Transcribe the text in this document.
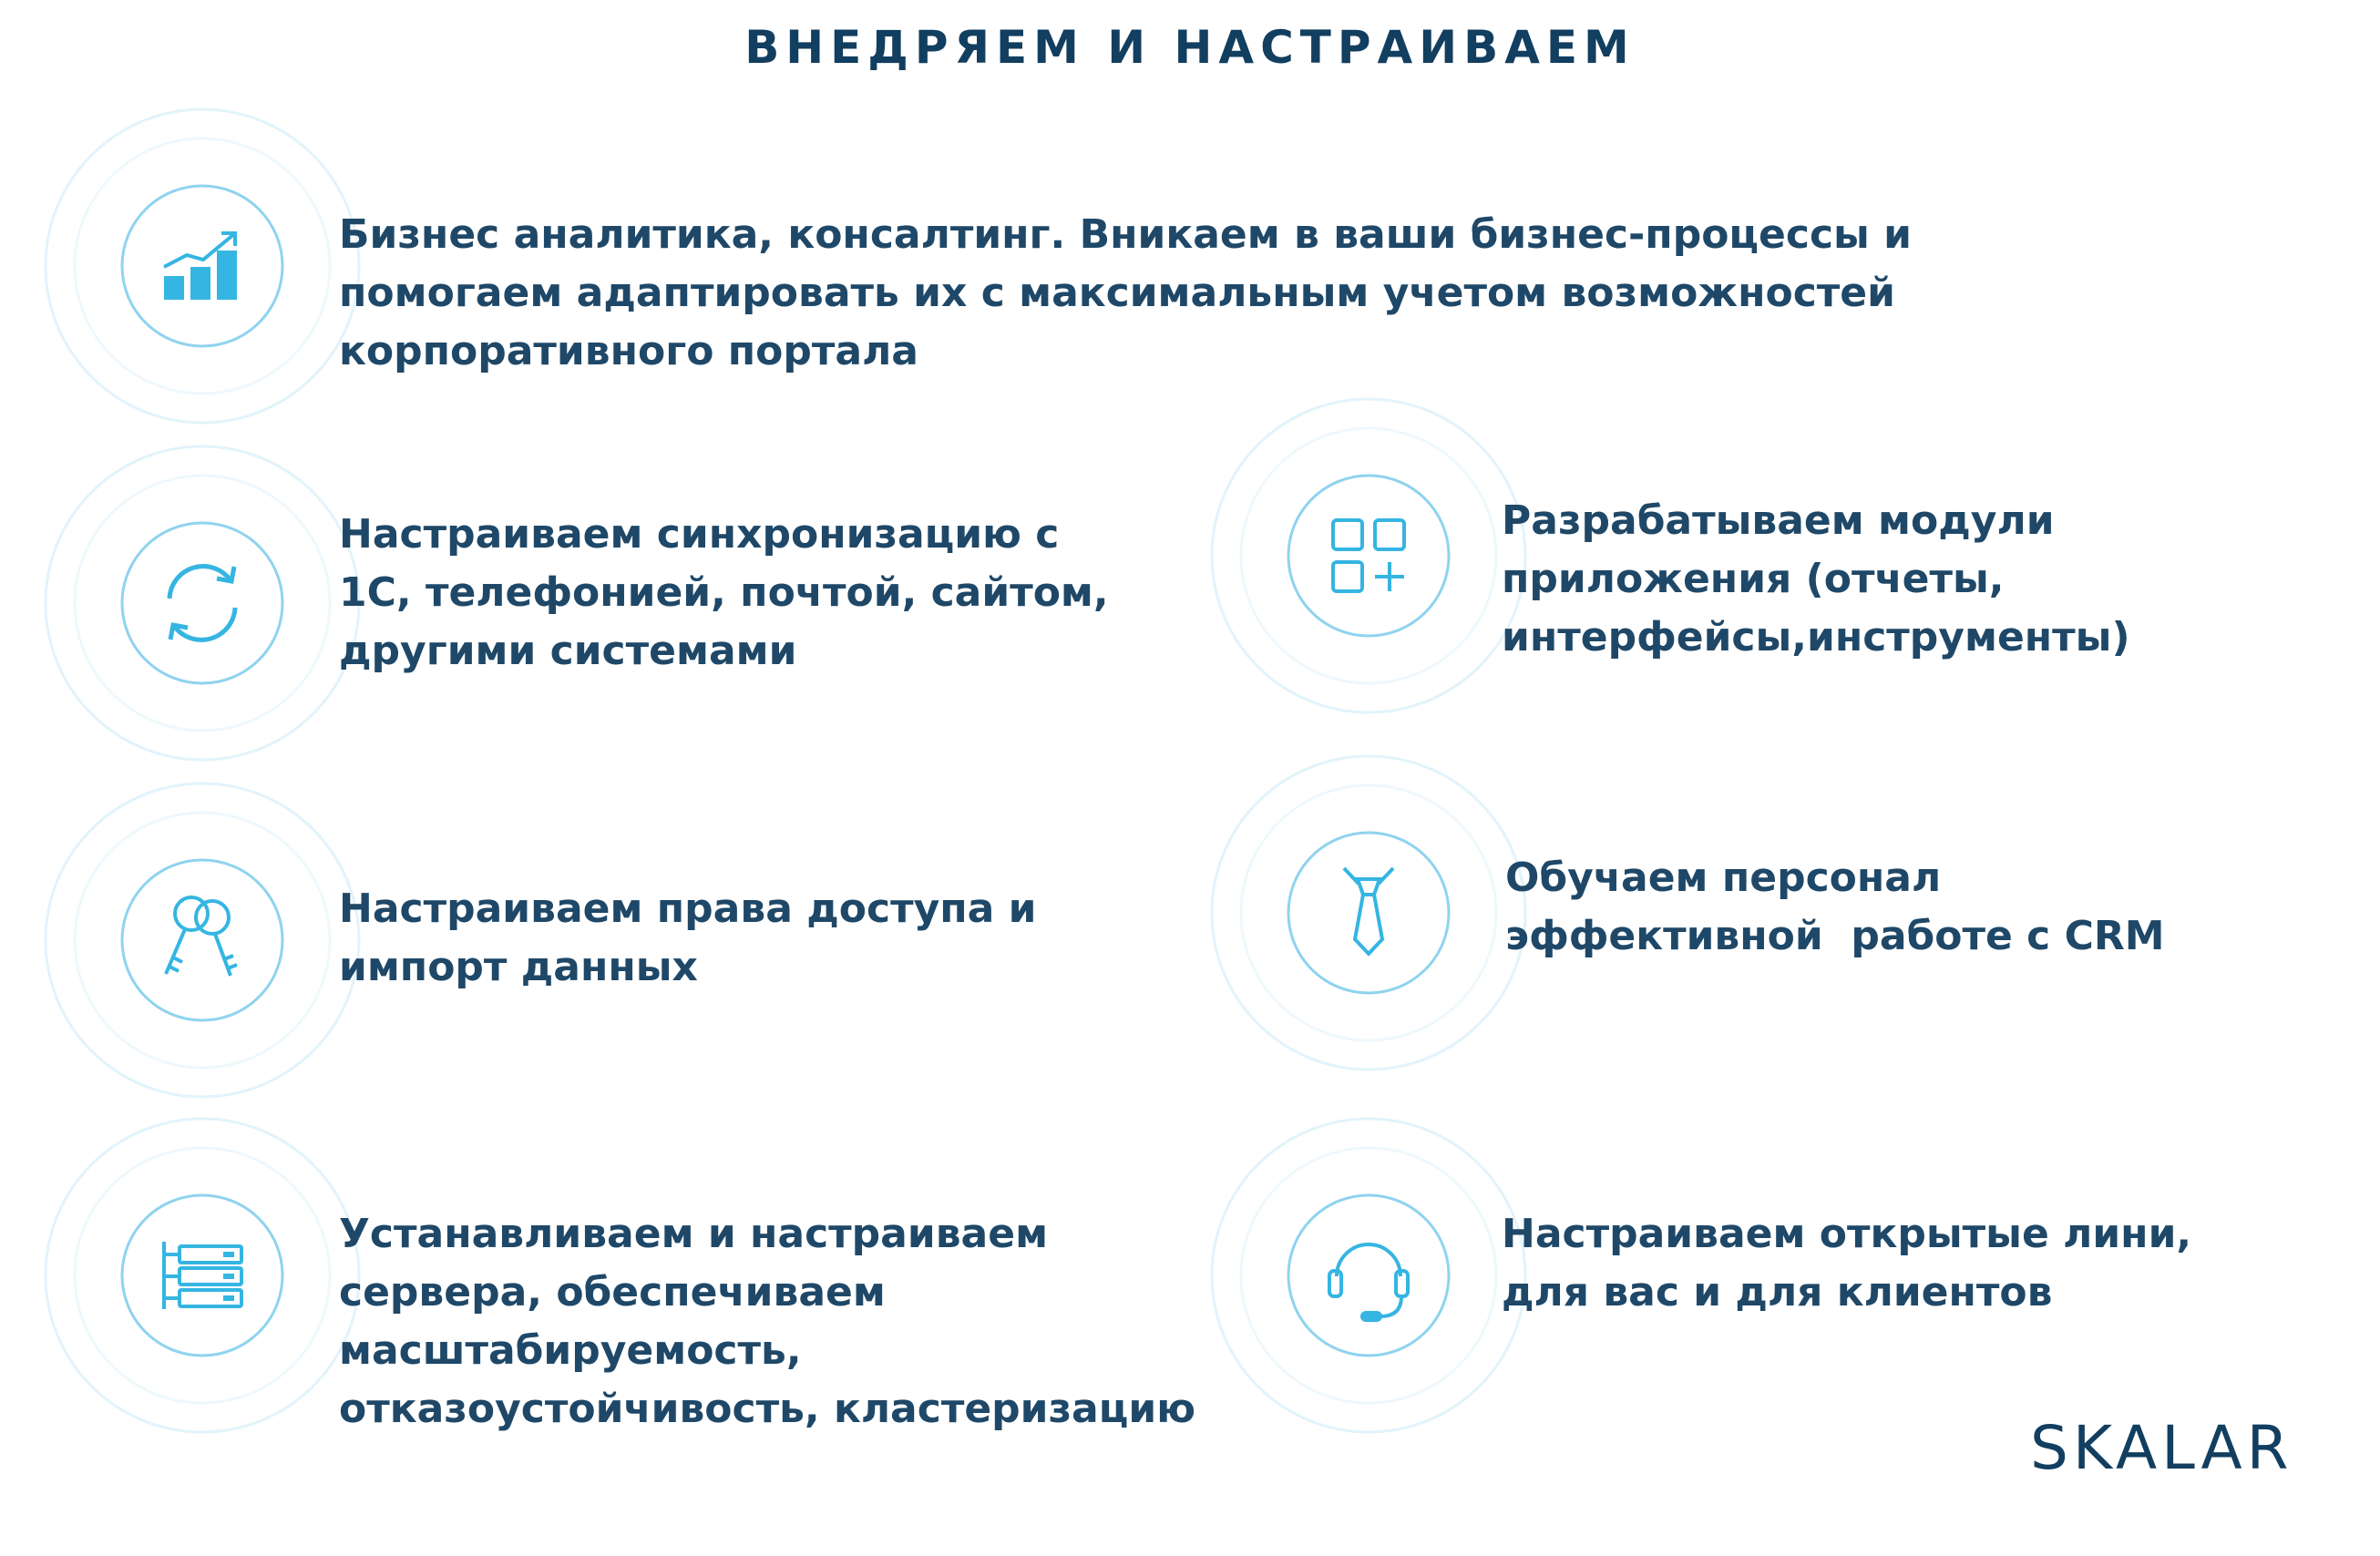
ВНЕДРЯЕМ И НАСТРАИВАЕМ
Бизнес аналитика, консалтинг. Вникаем в ваши бизнес-процессы и
помогаем адаптировать их с максимальным учетом возможностей
корпоративного портала
Настраиваем синхронизацию с
1С, телефонией, почтой, сайтом,
другими системами
Разрабатываем модули
приложения (отчеты,
интерфейсы,инструменты)
Настраиваем права доступа и
импорт данных
Обучаем персонал
эффективной  работе с CRM
Устанавливаем и настраиваем
сервера, обеспечиваем
масштабируемость,
отказоустойчивость, кластеризацию
Настраиваем открытые лини,
для вас и для клиентов
SKALAR
